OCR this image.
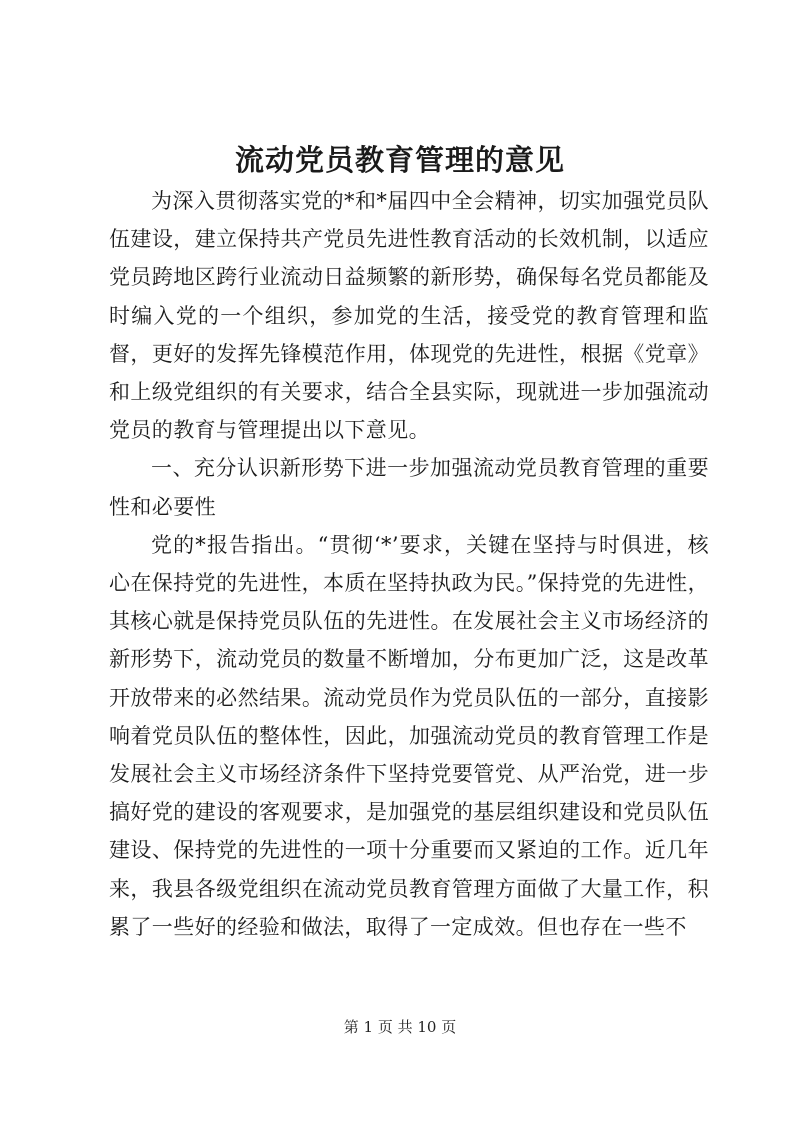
流动党员教育管理的意见

为深入贯彻落实党的*和*届四中全会精神，切实加强党员队伍建设，建立保持共产党员先进性教育活动的长效机制，以适应党员跨地区跨行业流动日益频繁的新形势，确保每名党员都能及时编入党的一个组织，参加党的生活，接受党的教育管理和监督，更好的发挥先锋模范作用，体现党的先进性，根据《党章》和上级党组织的有关要求，结合全县实际，现就进一步加强流动党员的教育与管理提出以下意见。

一、充分认识新形势下进一步加强流动党员教育管理的重要性和必要性

党的*报告指出。“贯彻‘*’要求，关键在坚持与时俱进，核心在保持党的先进性，本质在坚持执政为民。”保持党的先进性，其核心就是保持党员队伍的先进性。在发展社会主义市场经济的新形势下，流动党员的数量不断增加，分布更加广泛，这是改革开放带来的必然结果。流动党员作为党员队伍的一部分，直接影响着党员队伍的整体性，因此，加强流动党员的教育管理工作是发展社会主义市场经济条件下坚持党要管党、从严治党，进一步搞好党的建设的客观要求，是加强党的基层组织建设和党员队伍建设、保持党的先进性的一项十分重要而又紧迫的工作。近几年来，我县各级党组织在流动党员教育管理方面做了大量工作，积累了一些好的经验和做法，取得了一定成效。但也存在一些不

第 1 页 共 10 页
